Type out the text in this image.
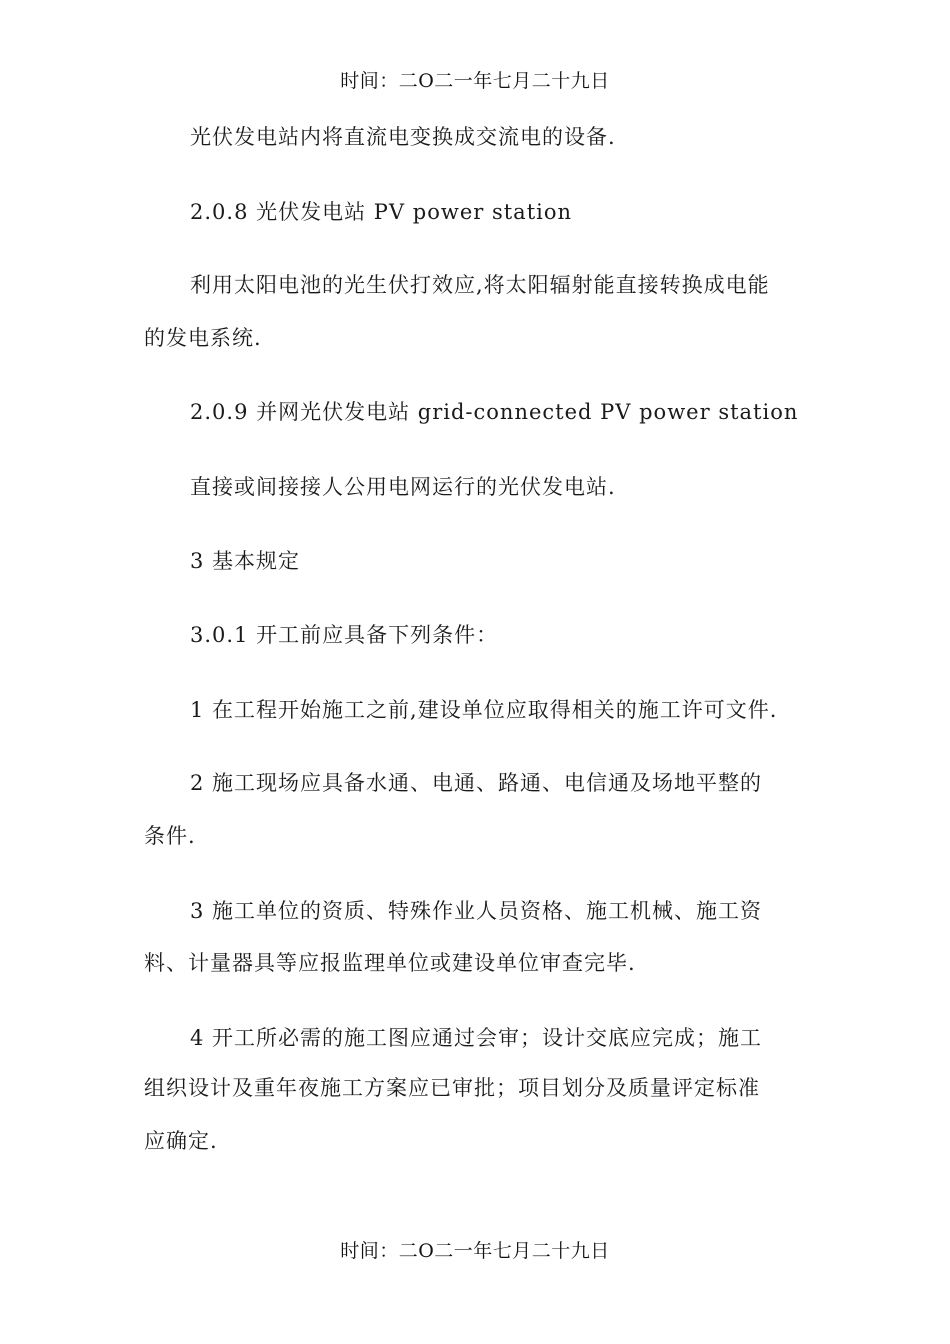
时间：二O二一年七月二十九日
光伏发电站内将直流电变换成交流电的设备.
2.0.8 光伏发电站 PV power station
利用太阳电池的光生伏打效应,将太阳辐射能直接转换成电能
的发电系统.
2.0.9 并网光伏发电站 grid-connected PV power station
直接或间接接人公用电网运行的光伏发电站.
3 基本规定
3.0.1 开工前应具备下列条件：
1 在工程开始施工之前,建设单位应取得相关的施工许可文件.
2 施工现场应具备水通、电通、路通、电信通及场地平整的
条件.
3 施工单位的资质、特殊作业人员资格、施工机械、施工资
料、计量器具等应报监理单位或建设单位审查完毕.
4 开工所必需的施工图应通过会审；设计交底应完成；施工
组织设计及重年夜施工方案应已审批；项目划分及质量评定标准
应确定.
时间：二O二一年七月二十九日
